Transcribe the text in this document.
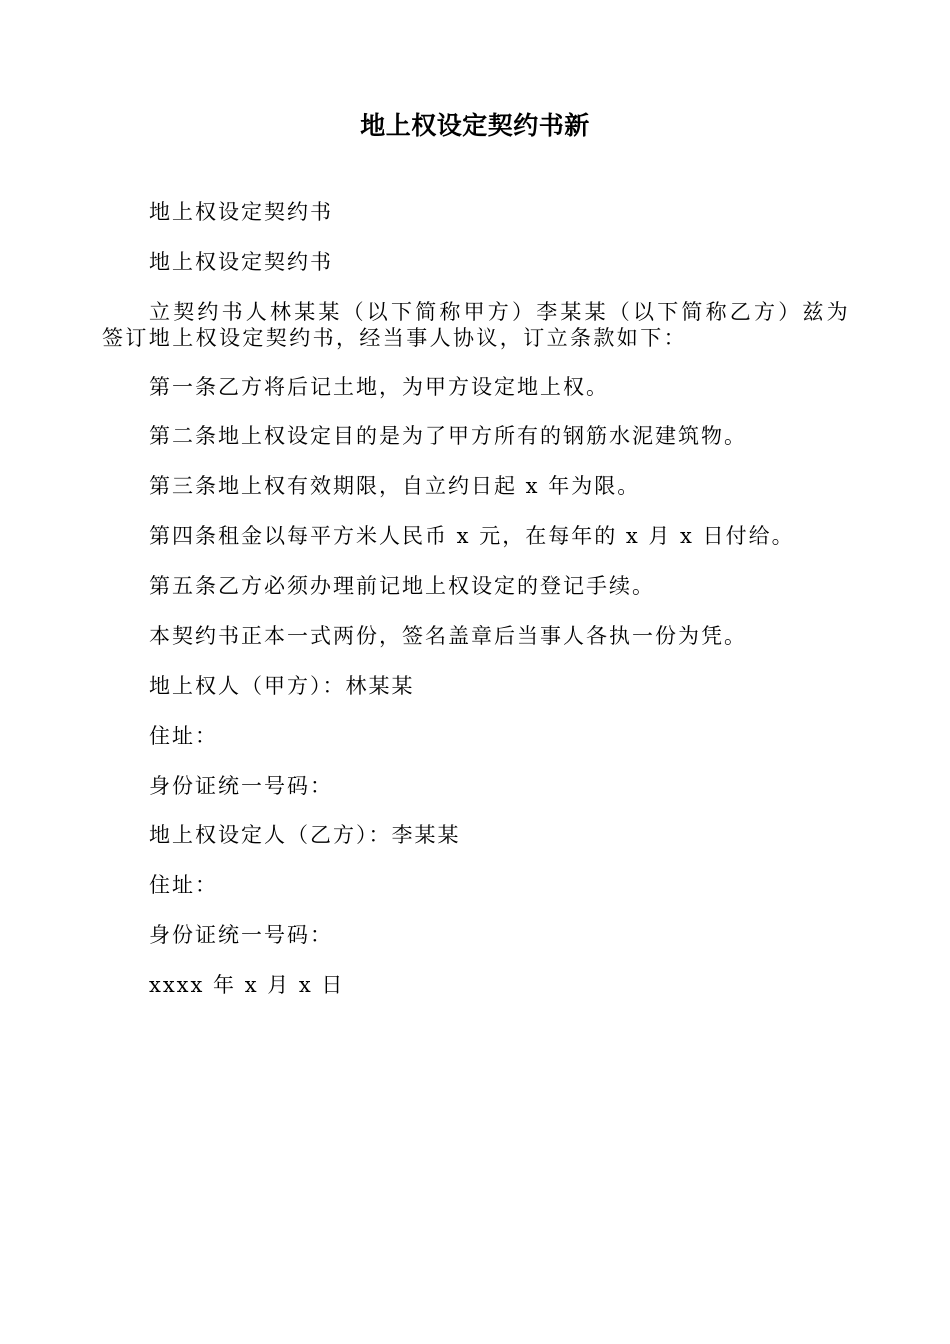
地上权设定契约书新
地上权设定契约书
地上权设定契约书
立契约书人林某某（以下简称甲方）李某某（以下简称乙方）兹为签订地上权设定契约书，经当事人协议，订立条款如下：
第一条乙方将后记土地，为甲方设定地上权。
第二条地上权设定目的是为了甲方所有的钢筋水泥建筑物。
第三条地上权有效期限，自立约日起 x 年为限。
第四条租金以每平方米人民币 x 元，在每年的 x 月 x 日付给。
第五条乙方必须办理前记地上权设定的登记手续。
本契约书正本一式两份，签名盖章后当事人各执一份为凭。
地上权人（甲方）：林某某
住址：
身份证统一号码：
地上权设定人（乙方）：李某某
住址：
身份证统一号码：
xxxx 年 x 月 x 日
